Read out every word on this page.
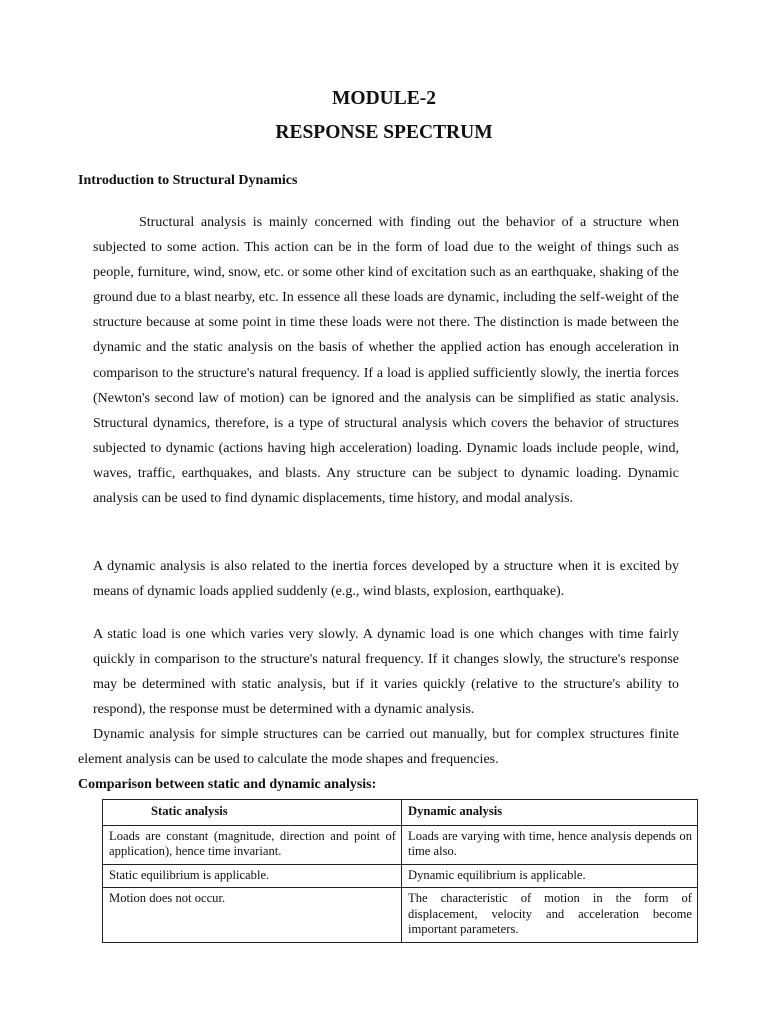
MODULE-2
RESPONSE SPECTRUM
Introduction to Structural Dynamics

Structural analysis is mainly concerned with finding out the behavior of a structure when subjected to some action. This action can be in the form of load due to the weight of things such as people, furniture, wind, snow, etc. or some other kind of excitation such as an earthquake, shaking of the ground due to a blast nearby, etc. In essence all these loads are dynamic, including the self-weight of the structure because at some point in time these loads were not there. The distinction is made between the dynamic and the static analysis on the basis of whether the applied action has enough acceleration in comparison to the structure's natural frequency. If a load is applied sufficiently slowly, the inertia forces (Newton's second law of motion) can be ignored and the analysis can be simplified as static analysis. Structural dynamics, therefore, is a type of structural analysis which covers the behavior of structures subjected to dynamic (actions having high acceleration) loading. Dynamic loads include people, wind, waves, traffic, earthquakes, and blasts. Any structure can be subject to dynamic loading. Dynamic analysis can be used to find dynamic displacements, time history, and modal analysis.

A dynamic analysis is also related to the inertia forces developed by a structure when it is excited by means of dynamic loads applied suddenly (e.g., wind blasts, explosion, earthquake).

A static load is one which varies very slowly. A dynamic load is one which changes with time fairly quickly in comparison to the structure's natural frequency. If it changes slowly, the structure's response may be determined with static analysis, but if it varies quickly (relative to the structure's ability to respond), the response must be determined with a dynamic analysis.

Dynamic analysis for simple structures can be carried out manually, but for complex structures finite element analysis can be used to calculate the mode shapes and frequencies.

Comparison between static and dynamic analysis:
Static analysis	Dynamic analysis
Loads are constant (magnitude, direction and point of application), hence time invariant.	Loads are varying with time, hence analysis depends on time also.
Static equilibrium is applicable.	Dynamic equilibrium is applicable.
Motion does not occur.	The characteristic of motion in the form of displacement, velocity and acceleration become important parameters.
